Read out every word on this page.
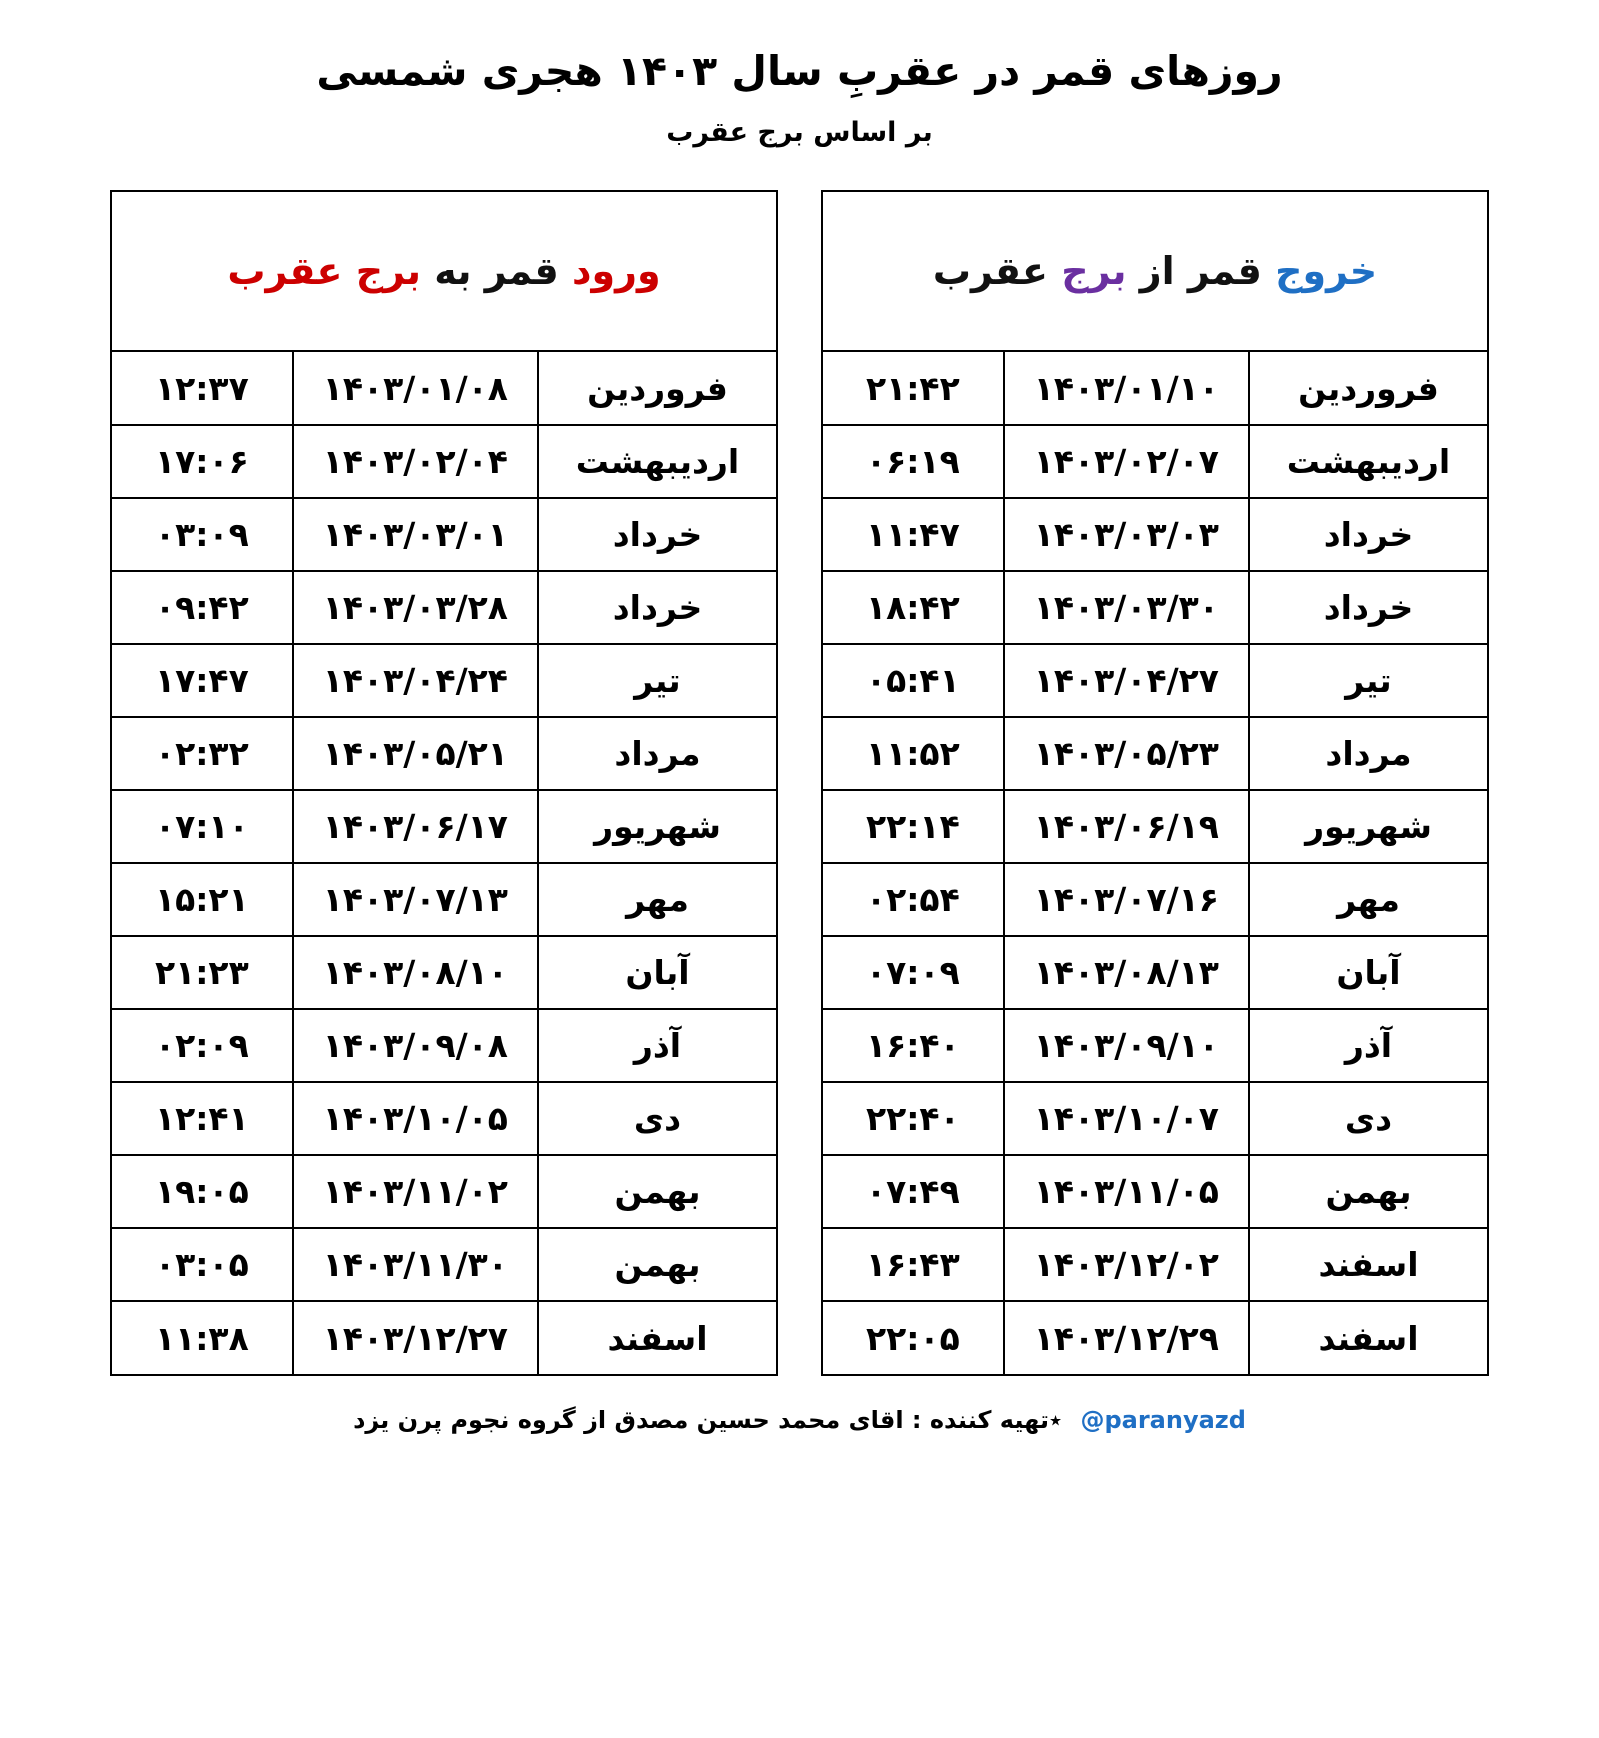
روزهای قمر در عقربِ سال ۱۴۰۳ هجری شمسی
بر اساس برج عقرب
خروج قمر از برج عقرب
فروردین	۱۴۰۳/۰۱/۱۰	۲۱:۴۲
اردیبهشت	۱۴۰۳/۰۲/۰۷	۰۶:۱۹
خرداد	۱۴۰۳/۰۳/۰۳	۱۱:۴۷
خرداد	۱۴۰۳/۰۳/۳۰	۱۸:۴۲
تیر	۱۴۰۳/۰۴/۲۷	۰۵:۴۱
مرداد	۱۴۰۳/۰۵/۲۳	۱۱:۵۲
شهریور	۱۴۰۳/۰۶/۱۹	۲۲:۱۴
مهر	۱۴۰۳/۰۷/۱۶	۰۲:۵۴
آبان	۱۴۰۳/۰۸/۱۳	۰۷:۰۹
آذر	۱۴۰۳/۰۹/۱۰	۱۶:۴۰
دی	۱۴۰۳/۱۰/۰۷	۲۲:۴۰
بهمن	۱۴۰۳/۱۱/۰۵	۰۷:۴۹
اسفند	۱۴۰۳/۱۲/۰۲	۱۶:۴۳
اسفند	۱۴۰۳/۱۲/۲۹	۲۲:۰۵
ورود قمر به برج عقرب
فروردین	۱۴۰۳/۰۱/۰۸	۱۲:۳۷
اردیبهشت	۱۴۰۳/۰۲/۰۴	۱۷:۰۶
خرداد	۱۴۰۳/۰۳/۰۱	۰۳:۰۹
خرداد	۱۴۰۳/۰۳/۲۸	۰۹:۴۲
تیر	۱۴۰۳/۰۴/۲۴	۱۷:۴۷
مرداد	۱۴۰۳/۰۵/۲۱	۰۲:۳۲
شهریور	۱۴۰۳/۰۶/۱۷	۰۷:۱۰
مهر	۱۴۰۳/۰۷/۱۳	۱۵:۲۱
آبان	۱۴۰۳/۰۸/۱۰	۲۱:۲۳
آذر	۱۴۰۳/۰۹/۰۸	۰۲:۰۹
دی	۱۴۰۳/۱۰/۰۵	۱۲:۴۱
بهمن	۱۴۰۳/۱۱/۰۲	۱۹:۰۵
بهمن	۱۴۰۳/۱۱/۳۰	۰۳:۰۵
اسفند	۱۴۰۳/۱۲/۲۷	۱۱:۳۸
@paranyazd ٭تهیه کننده : اقای محمد حسین مصدق از گروه نجوم پرن یزد
